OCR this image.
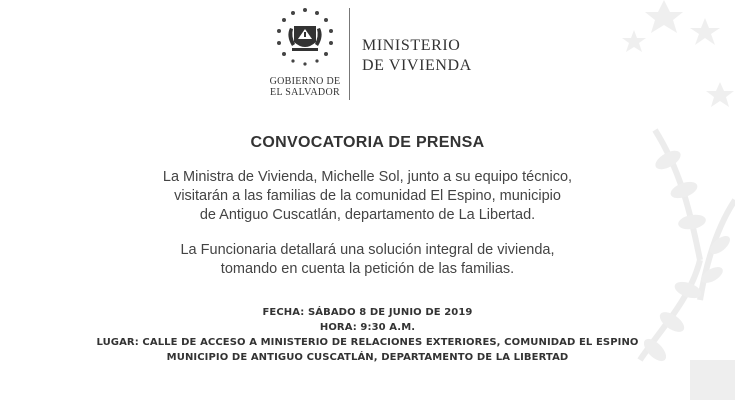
GOBIERNO DE
EL SALVADOR
MINISTERIO
DE VIVIENDA
CONVOCATORIA DE PRENSA
La Ministra de Vivienda, Michelle Sol, junto a su equipo técnico,
visitarán a las familias de la comunidad El Espino, municipio
de Antiguo Cuscatlán, departamento de La Libertad.
La Funcionaria detallará una solución integral de vivienda,
tomando en cuenta la petición de las familias.
FECHA: SÁBADO 8 DE JUNIO DE 2019
HORA: 9:30 A.M.
LUGAR: CALLE DE ACCESO A MINISTERIO DE RELACIONES EXTERIORES, COMUNIDAD EL ESPINO
MUNICIPIO DE ANTIGUO CUSCATLÁN, DEPARTAMENTO DE LA LIBERTAD
